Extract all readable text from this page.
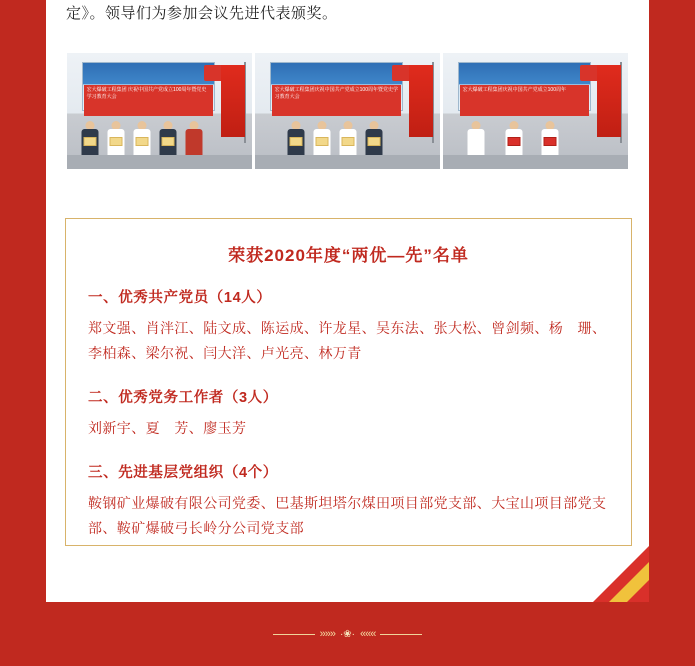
定》。领导们为参加会议先进代表颁奖。
宏大爆破工程集团 庆祝中国共产党成立100周年暨党史学习教育大会
宏大爆破工程集团庆祝中国共产党成立100周年暨党史学习教育大会
宏大爆破工程集团庆祝中国共产党成立100周年
荣获2020年度“两优—先”名单
一、优秀共产党员（14人）
郑文强、肖泮江、陆文成、陈运成、许龙星、吴东法、张大松、曾剑频、杨　珊、李柏森、梁尔祝、闫大洋、卢光亮、林万青
二、优秀党务工作者（3人）
刘新宇、夏　芳、廖玉芳
三、先进基层党组织（4个）
鞍钢矿业爆破有限公司党委、巴基斯坦塔尔煤田项目部党支部、大宝山项目部党支部、鞍矿爆破弓长岭分公司党支部
»»» ·❀· «««
